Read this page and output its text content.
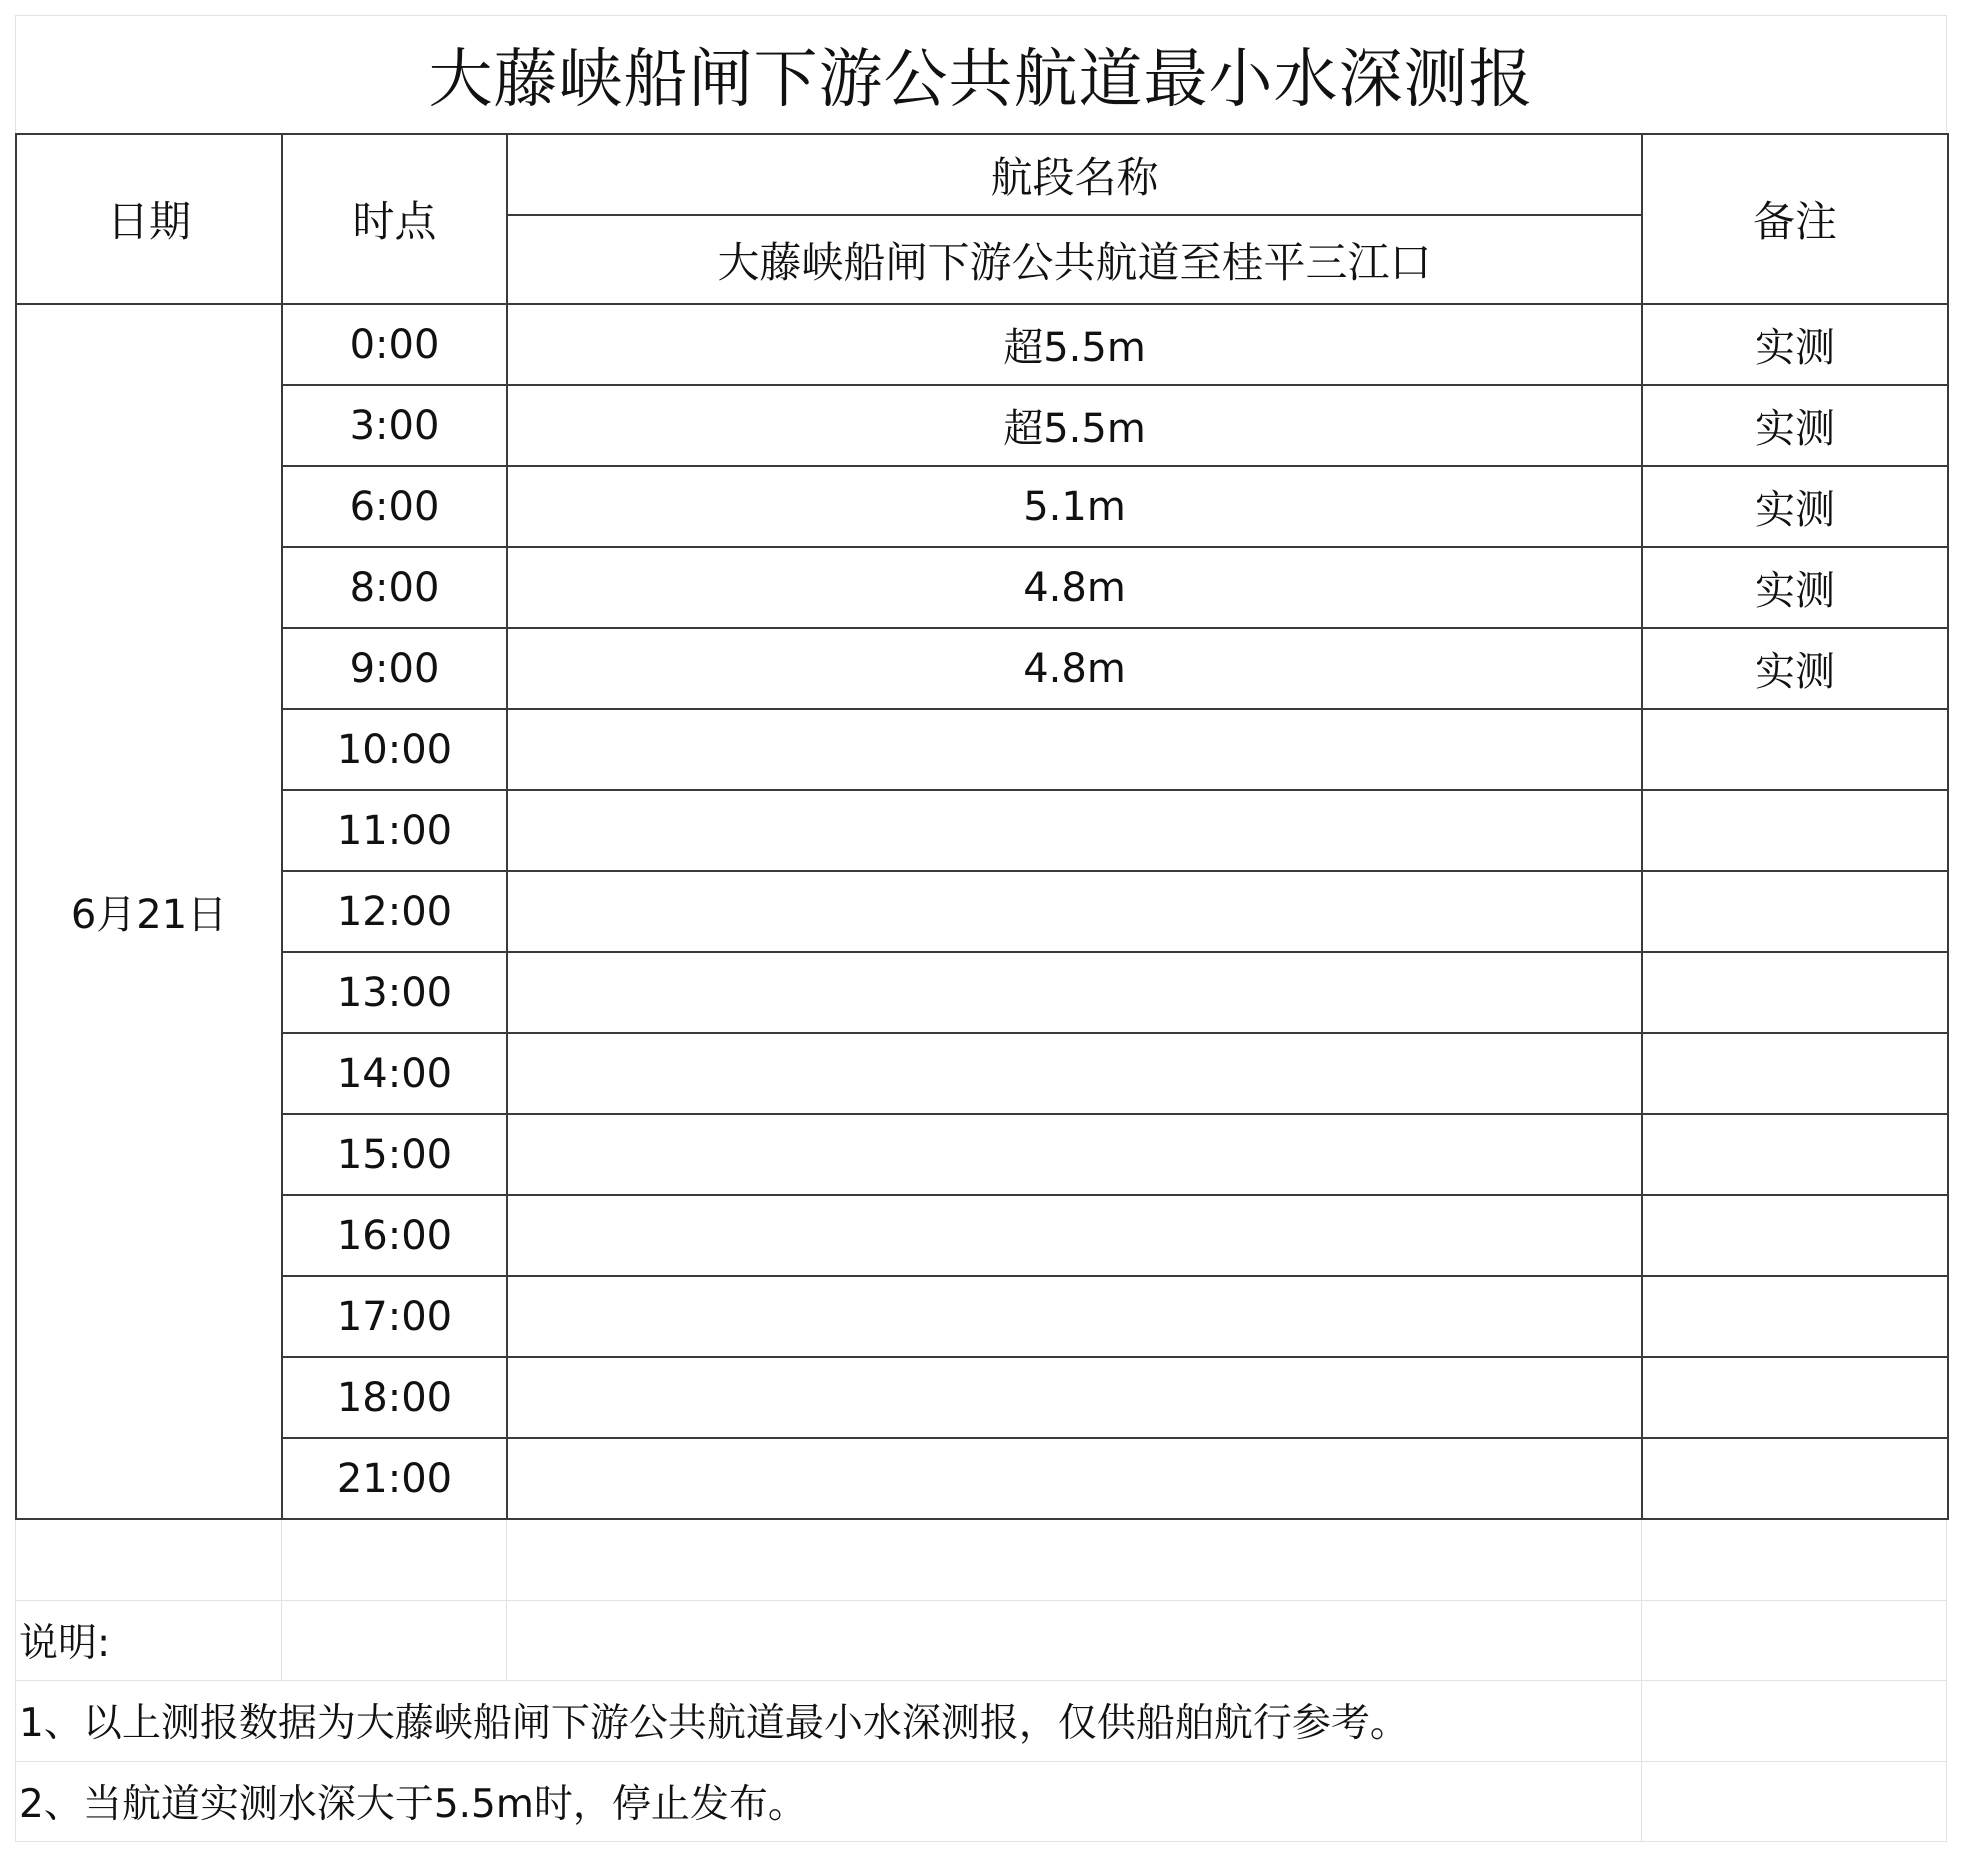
大藤峡船闸下游公共航道最小水深测报
日期	时点	航段名称	备注
		大藤峡船闸下游公共航道至桂平三江口	
6月21日	0:00	超5.5m	实测
	3:00	超5.5m	实测
	6:00	5.1m	实测
	8:00	4.8m	实测
	9:00	4.8m	实测
	10:00		
	11:00		
	12:00		
	13:00		
	14:00		
	15:00		
	16:00		
	17:00		
	18:00		
	21:00		
说明:
1、以上测报数据为大藤峡船闸下游公共航道最小水深测报，仅供船舶航行参考。
2、当航道实测水深大于5.5m时，停止发布。
